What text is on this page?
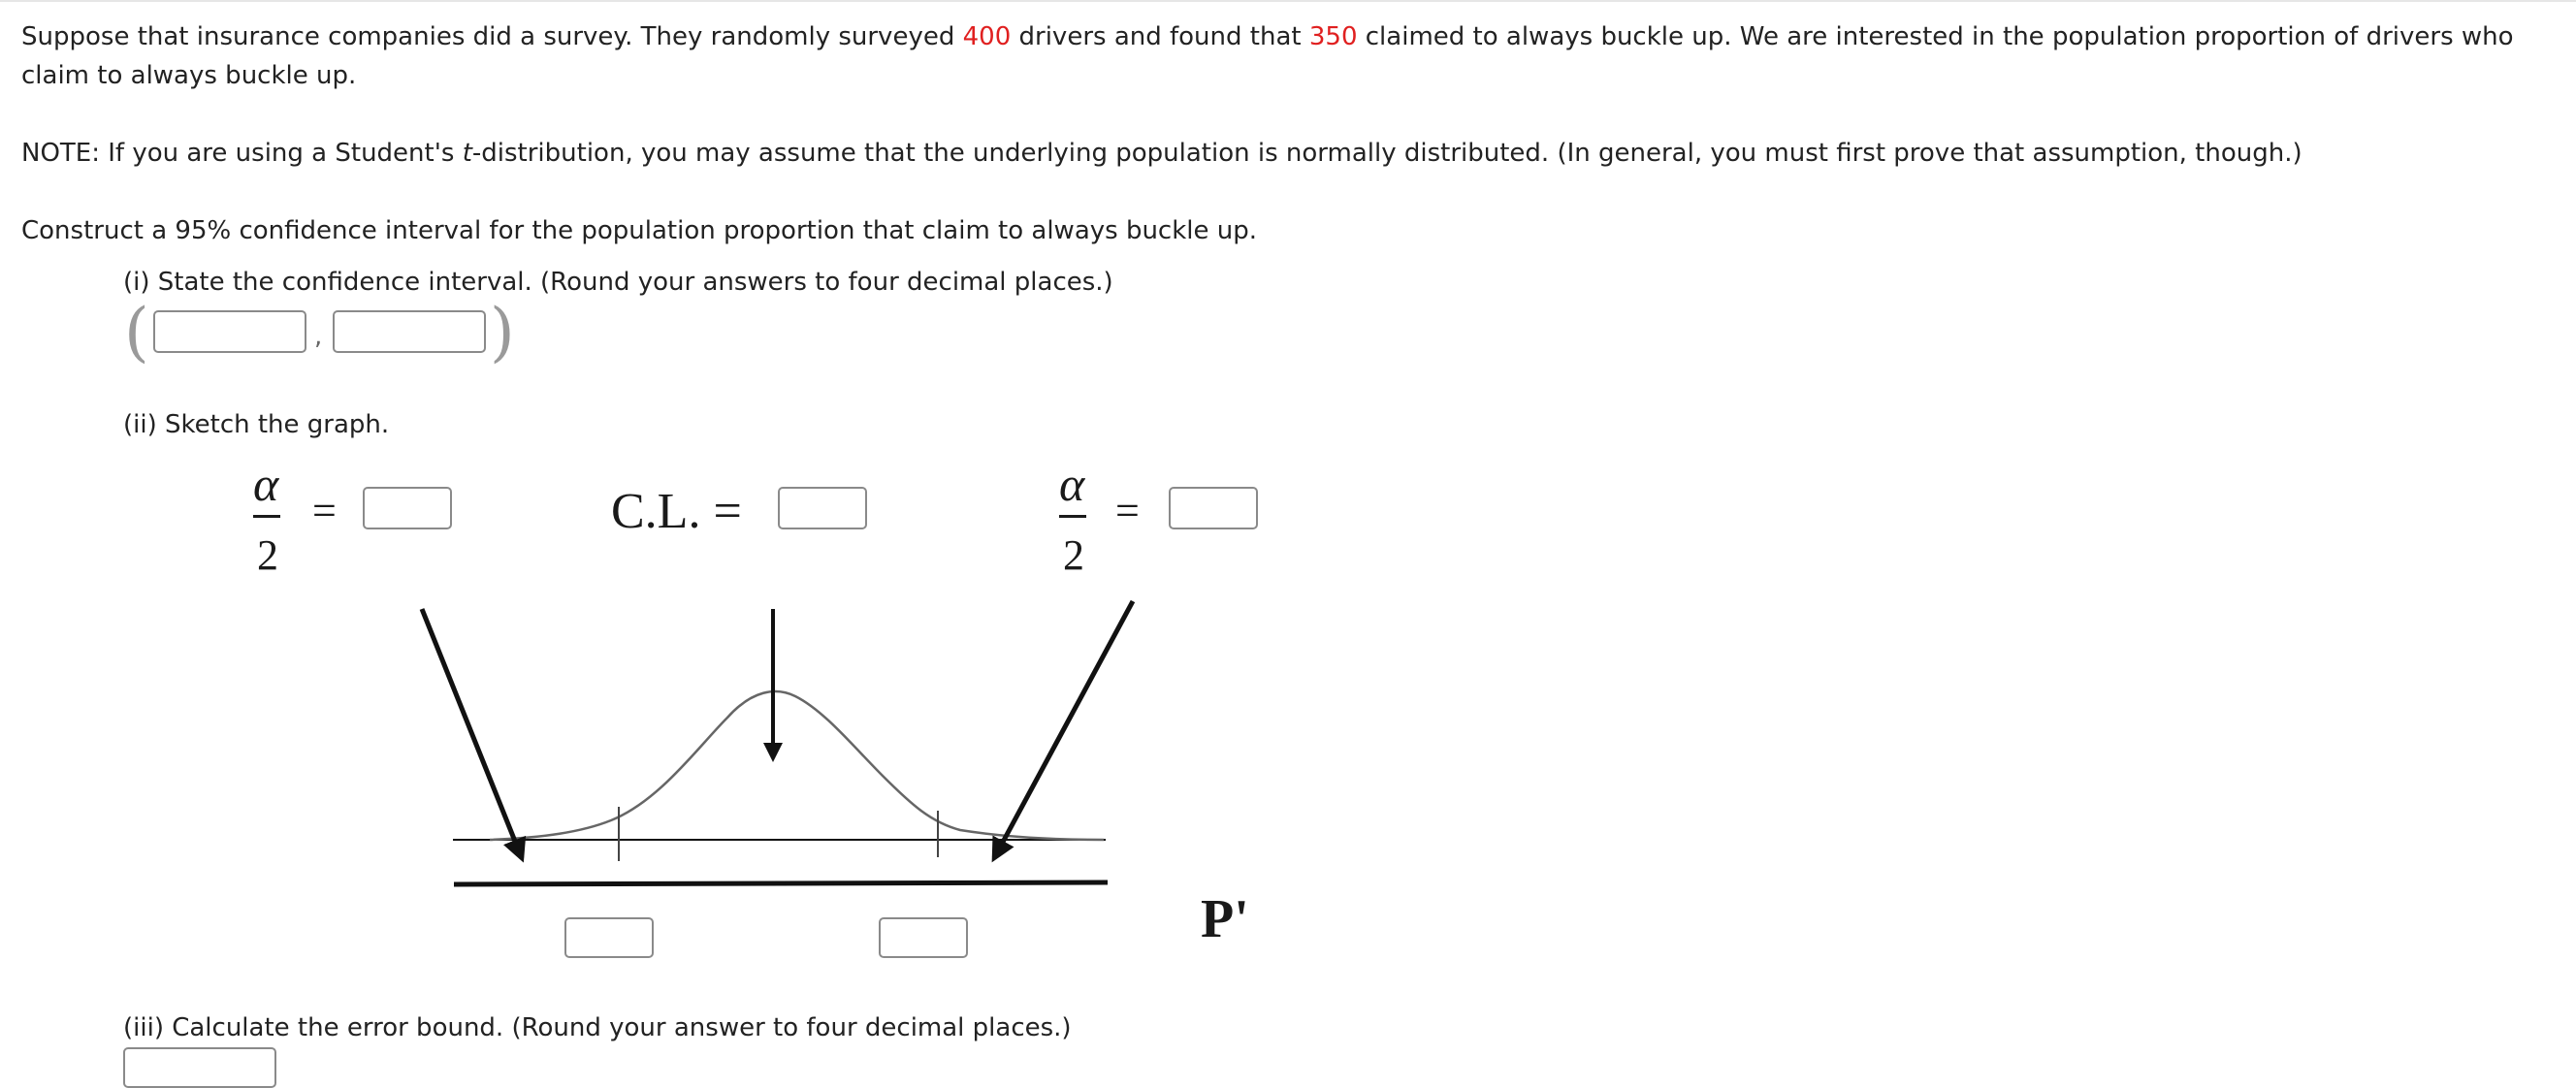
Suppose that insurance companies did a survey. They randomly surveyed 400 drivers and found that 350 claimed to always buckle up. We are interested in the population proportion of drivers who
claim to always buckle up.
NOTE: If you are using a Student's t-distribution, you may assume that the underlying population is normally distributed. (In general, you must first prove that assumption, though.)
Construct a 95% confidence interval for the population proportion that claim to always buckle up.
(i) State the confidence interval. (Round your answers to four decimal places.)
(	,	)
(ii) Sketch the graph.
α
2
=	C.L. =	α
2
=
P'
(iii) Calculate the error bound. (Round your answer to four decimal places.)
